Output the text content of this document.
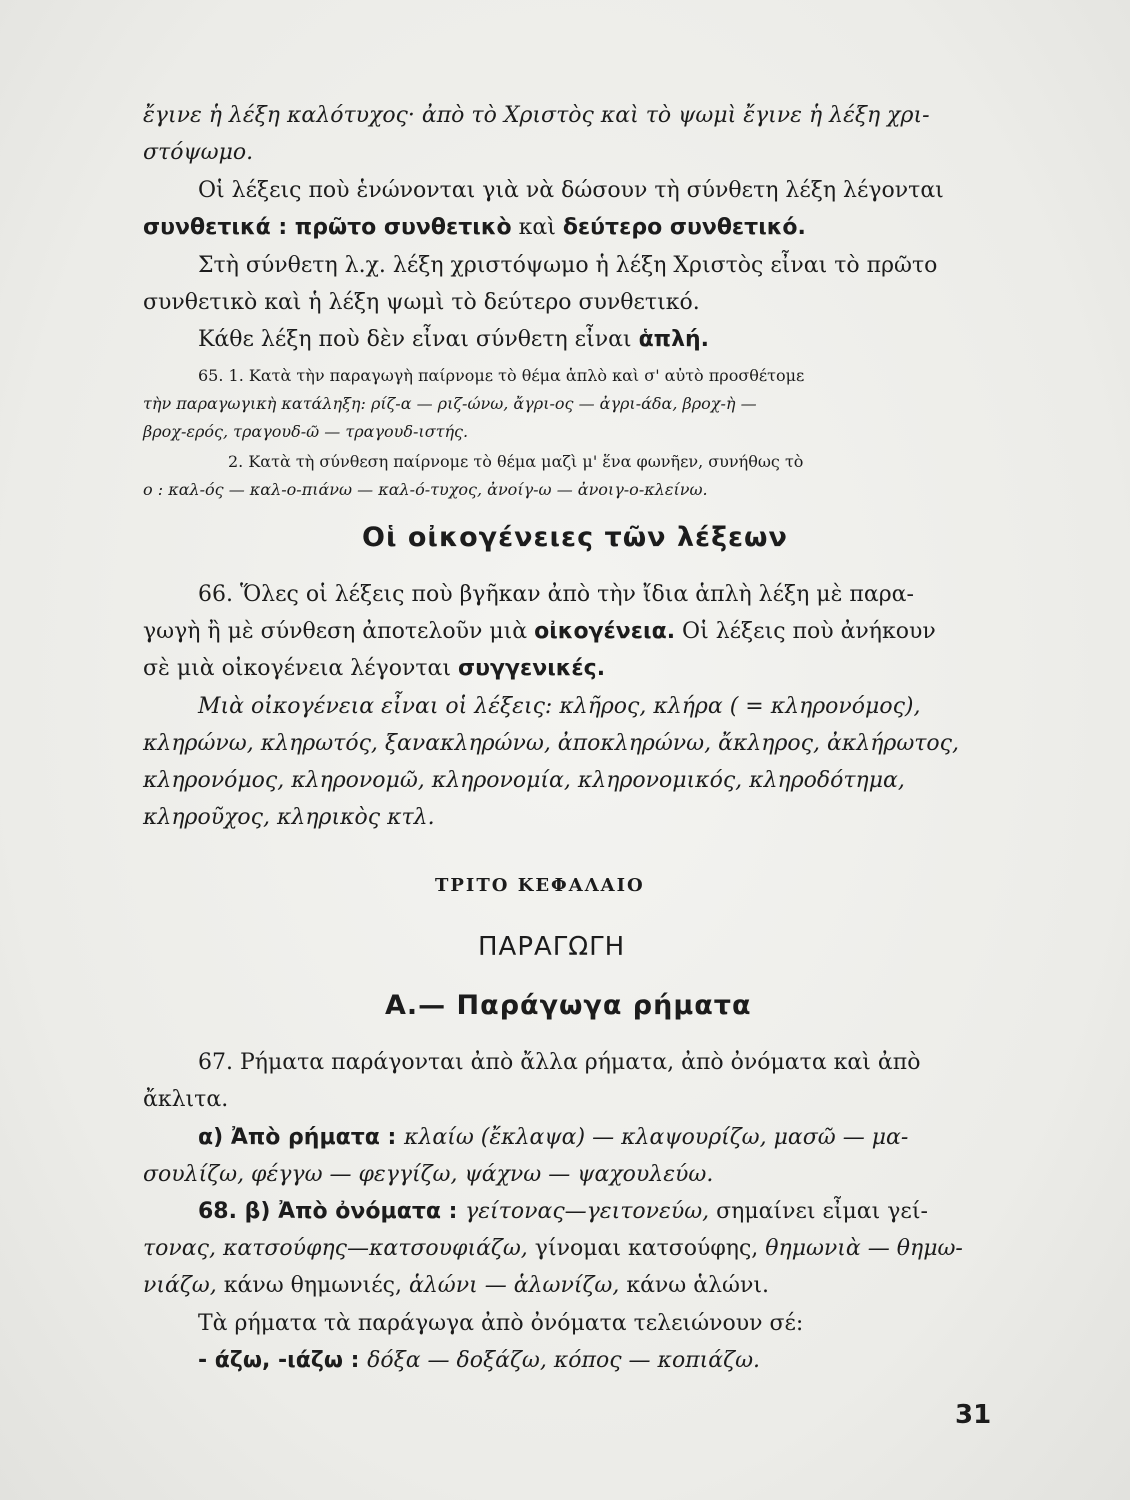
ἔγινε ἡ λέξη καλότυχος· ἀπὸ τὸ Χριστὸς καὶ τὸ ψωμὶ ἔγινε ἡ λέξη χρι-
στόψωμο.
Οἱ λέξεις ποὺ ἑνώνονται γιὰ νὰ δώσουν τὴ σύνθετη λέξη λέγονται
συνθετικά : πρῶτο συνθετικὸ καὶ δεύτερο συνθετικό.
Στὴ σύνθετη λ.χ. λέξη χριστόψωμο ἡ λέξη Χριστὸς εἶναι τὸ πρῶτο
συνθετικὸ καὶ ἡ λέξη ψωμὶ τὸ δεύτερο συνθετικό.
Κάθε λέξη ποὺ δὲν εἶναι σύνθετη εἶναι ἁπλή.
65. 1. Κατὰ τὴν παραγωγὴ παίρνομε τὸ θέμα ἁπλὸ καὶ σ' αὐτὸ προσθέτομε
τὴν παραγωγικὴ κατάληξη: ρίζ-α — ριζ-ώνω, ἄγρι-ος — ἀγρι-άδα, βροχ-ὴ —
βροχ-ερός, τραγουδ-ῶ — τραγουδ-ιστής.
2. Κατὰ τὴ σύνθεση παίρνομε τὸ θέμα μαζὶ μ' ἕνα φωνῆεν, συνήθως τὸ
ο : καλ-ός — καλ-ο-πιάνω — καλ-ό-τυχος, ἀνοίγ-ω — ἀνοιγ-ο-κλείνω.
Οἱ οἰκογένειες τῶν λέξεων
66. Ὅλες οἱ λέξεις ποὺ βγῆκαν ἀπὸ τὴν ἴδια ἁπλὴ λέξη μὲ παρα-
γωγὴ ἢ μὲ σύνθεση ἀποτελοῦν μιὰ οἰκογένεια. Οἱ λέξεις ποὺ ἀνήκουν
σὲ μιὰ οἰκογένεια λέγονται συγγενικές.
Μιὰ οἰκογένεια εἶναι οἱ λέξεις: κλῆρος, κλήρα ( = κληρονόμος),
κληρώνω, κληρωτός, ξανακληρώνω, ἀποκληρώνω, ἄκληρος, ἀκλήρωτος,
κληρονόμος, κληρονομῶ, κληρονομία, κληρονομικός, κληροδότημα,
κληροῦχος, κληρικὸς κτλ.
ΤΡΙΤΟ ΚΕΦΑΛΑΙΟ
ΠΑΡΑΓΩΓΗ
Α.— Παράγωγα ρήματα
67. Ρήματα παράγονται ἀπὸ ἄλλα ρήματα, ἀπὸ ὀνόματα καὶ ἀπὸ
ἄκλιτα.
α) Ἀπὸ ρήματα : κλαίω (ἔκλαψα) — κλαψουρίζω, μασῶ — μα-
σουλίζω, φέγγω — φεγγίζω, ψάχνω — ψαχουλεύω.
68. β) Ἀπὸ ὀνόματα : γείτονας—γειτονεύω, σημαίνει εἶμαι γεί-
τονας, κατσούφης—κατσουφιάζω, γίνομαι κατσούφης, θημωνιὰ — θημω-
νιάζω, κάνω θημωνιές, ἁλώνι — ἁλωνίζω, κάνω ἁλώνι.
Τὰ ρήματα τὰ παράγωγα ἀπὸ ὀνόματα τελειώνουν σέ:
- άζω, -ιάζω : δόξα — δοξάζω, κόπος — κοπιάζω.
31
